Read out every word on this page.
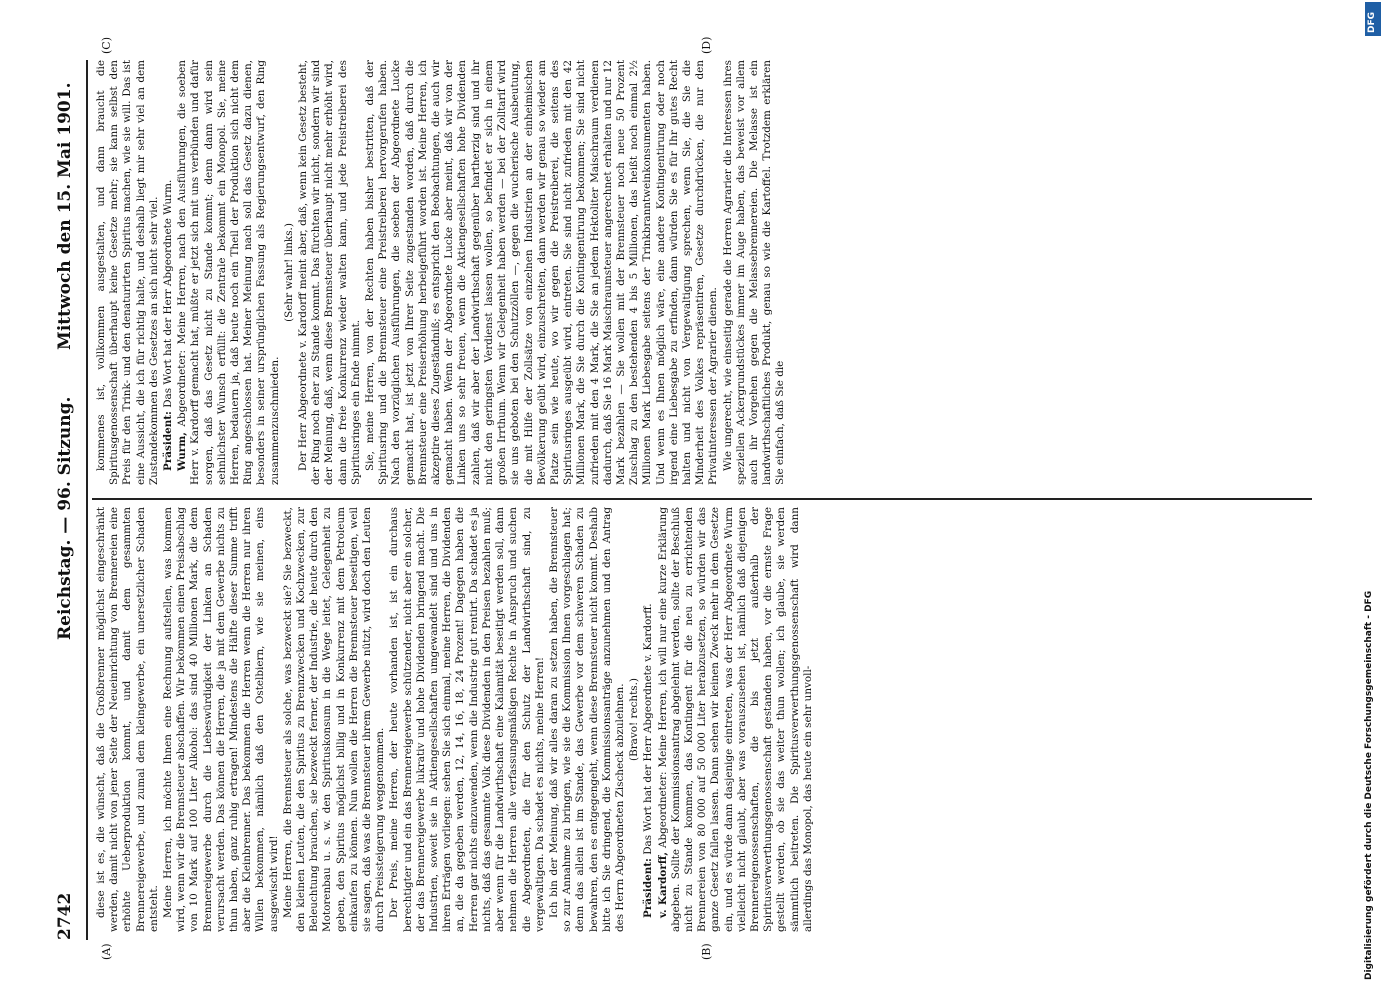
2742
Reichstag. — 96. Sitzung.
Mittwoch den 15. Mai 1901.
(A)	(B)
(C)	(D)

diese ist es, die wünscht, daß die Großbrenner möglichst eingeschränkt werden, damit nicht von jener Seite der Neueinrichtung von Brennereien eine erhöhte Ueberproduktion kommt, und damit dem gesammten Brennereigewerbe, und zumal dem kleingewerbe, ein unersetzlicher Schaden entsteht. Meine Herren, ich möchte Ihnen eine Rechnung aufstellen, was kommen wird, wenn wir die Brennsteuer abschaffen. Wir bekommen einen Preisabschlag von 10 Mark auf 100 Liter Alkohol: das sind 40 Millionen Mark, die dem Brennereigewerbe durch die Liebeswürdigkeit der Linken an Schaden verursacht werden. Das können die Herren, die ja mit dem Gewerbe nichts zu thun haben, ganz ruhig ertragen! Mindestens die Hälfte dieser Summe trifft aber die Kleinbrenner. Das bekommen die Herren wenn die Herren nur ihren Willen bekommen, nämlich daß den Ostelbiern, wie sie meinen, eins ausgewischt wird! Meine Herren, die Brennsteuer als solche, was bezweckt sie? Sie bezweckt, den kleinen Leuten, die den Spiritus zu Brennzwecken und Kochzwecken, zur Beleuchtung brauchen, sie bezweckt ferner, der Industrie, die heute durch den Motorenbau u. s. w. den Spirituskonsum in die Wege leitet, Gelegenheit zu geben, den Spiritus möglichst billig und in Konkurrenz mit dem Petroleum einkaufen zu können. Nun wollen die Herren die Brennsteuer beseitigen, weil sie sagen, daß was die Brennsteuer ihrem Gewerbe nützt, wird doch den Leuten durch Preissteigerung weggenommen. Der Preis, meine Herren, der heute vorhanden ist, ist ein durchaus berechtigter und ein das Brennereigewerbe schützender, nicht aber ein solcher, der das Brennereigewerbe lukrativ und hohe Dividenden bringend macht. Die Industrien, soweit sie in Aktiengesellschaften umgewandelt sind und uns in ihren Erträgen vorliegen: sehen Sie sich einmal, meine Herren, die Dividenden an, die da gegeben werden, 12, 14, 16, 18, 24 Prozent! Dagegen haben die Herren gar nichts einzuwenden, wenn die Industrie gut rentirt. Da schadet es ja nichts, daß das gesammte Volk diese Dividenden in den Preisen bezahlen muß; aber wenn für die Landwirthschaft eine Kalamität beseitigt werden soll, dann nehmen die Herren alle verfassungsmäßigen Rechte in Anspruch und suchen die Abgeordneten, die für den Schutz der Landwirthschaft sind, zu vergewaltigen. Da schadet es nichts, meine Herren! Ich bin der Meinung, daß wir alles daran zu setzen haben, die Brennsteuer so zur Annahme zu bringen, wie sie die Kommission Ihnen vorgeschlagen hat; denn das allein ist im Stande, das Gewerbe vor dem schweren Schaden zu bewahren, den es entgegengeht, wenn diese Brennsteuer nicht kommt. Deshalb bitte ich Sie dringend, die Kommissionsanträge anzunehmen und den Antrag des Herrn Abgeordneten Zischeck abzulehnen. (Bravo! rechts.)

Präsident: Das Wort hat der Herr Abgeordnete v. Kardorff.

v. Kardorff, Abgeordneter: Meine Herren, ich will nur eine kurze Erklärung abgeben. Sollte der Kommissionsantrag abgelehnt werden, sollte der Beschluß nicht zu Stande kommen, das Kontingent für die neu zu errichtenden Brennereien von 80 000 auf 50 000 Liter herabzusetzen, so würden wir das ganze Gesetz fallen lassen. Dann sehen wir keinen Zweck mehr in dem Gesetze ein, und es würde dann dasjenige eintreten, was der Herr Abgeordnete Wurm vielleicht nicht glaubt, aber was vorauszusehen ist, nämlich daß diejenigen Brennereigenossenschaften, die bis jetzt außerhalb der Spiritusverwerthungsgenossenschaft gestanden haben, vor die ernste Frage gestellt werden, ob sie das weiter thun wollen; ich glaube, sie werden sämmtlich beitreten. Die Spiritusverwerthungsgenossenschaft wird dann allerdings das Monopol, das heute ein sehr unvoll-

kommenes ist, vollkommen ausgestalten, und dann braucht die Spiritusgenossenschaft überhaupt keine Gesetze mehr; sie kann selbst den Preis für den Trink- und den denaturirten Spiritus machen, wie sie will. Das ist eine Aussicht, die ich für richtig halte, und deshalb liegt mir sehr viel an dem Zustandekommen des Gesetzes an sich nicht sehr viel. Präsident: Das Wort hat der Herr Abgeordnete Wurm.

Wurm, Abgeordneter: Meine Herren, nach den Ausführungen, die soeben Herr v. Kardorff gemacht hat, müßte er jetzt sich mit uns verbünden und dafür sorgen, daß das Gesetz nicht zu Stande kommt; denn dann wird sein sehnlichster Wunsch erfüllt: die Zentrale bekommt ein Monopol. Sie, meine Herren, bedauern ja, daß heute noch ein Theil der Produktion sich nicht dem Ring angeschlossen hat. Meiner Meinung nach soll das Gesetz dazu dienen, besonders in seiner ursprünglichen Fassung als Regierungsentwurf, den Ring zusammenzuschmieden.

(Sehr wahr! links.) Der Herr Abgeordnete v. Kardorff meint aber, daß, wenn kein Gesetz besteht, der Ring noch eher zu Stande kommt. Das fürchten wir nicht, sondern wir sind der Meinung, daß, wenn diese Brennsteuer überhaupt nicht mehr erhöht wird, dann die freie Konkurrenz wieder walten kann, und jede Preistreiberei des Spiritusringes ein Ende nimmt. Sie, meine Herren, von der Rechten haben bisher bestritten, daß der Spiritusring und die Brennsteuer eine Preistreiberei hervorgerufen haben. Nach den vorzüglichen Ausführungen, die soeben der Abgeordnete Lucke gemacht hat, ist jetzt von Ihrer Seite zugestanden worden, daß durch die Brennsteuer eine Preiserhöhung herbeigeführt worden ist. Meine Herren, ich akzeptire dieses Zugeständniß; es entspricht den Beobachtungen, die auch wir gemacht haben. Wenn der Abgeordnete Lucke aber meint, daß wir von der Linken uns so sehr freuen, wenn die Aktiengesellschaften hohe Dividenden zahlen, daß wir aber der Landwirthschaft gegenüber hartherzig sind und ihr nicht den geringsten Verdienst lassen wollen, so befindet er sich in einem großen Irrthum. Wenn wir Gelegenheit haben werden — bei der Zolltarif wird sie uns geboten bei den Schutzzöllen —, gegen die wucherische Ausbeutung, die mit Hilfe der Zollsätze von einzelnen Industrien an der einheimischen Bevölkerung geübt wird, einzuschreiten, dann werden wir genau so wieder am Platze sein wie heute, wo wir gegen die Preistreiberei, die seitens des Spiritusringes ausgeübt wird, eintreten. Sie sind nicht zufrieden mit den 42 Millionen Mark, die Sie durch die Kontingentirung bekommen; Sie sind nicht zufrieden mit den 4 Mark, die Sie an jedem Hektoliter Maischraum verdienen dadurch, daß Sie 16 Mark Maischraumsteuer angerechnet erhalten und nur 12 Mark bezahlen — Sie wollen mit der Brennsteuer noch neue 50 Prozent Zuschlag zu den bestehenden 4 bis 5 Millionen, das heißt noch einmal 2½ Millionen Mark Liebesgabe seitens der Trinkbranntweinkonsumenten haben. Und wenn es Ihnen möglich wäre, eine andere Kontingentirung oder noch irgend eine Liebesgabe zu erfinden, dann würden Sie es für Ihr gutes Recht halten und nicht von Vergewaltigung sprechen, wenn Sie, die Sie die Minderheit des Volkes repräsentiren, Gesetze durchdrücken, die nur den Privatinteressen der Agrarier dienen. Wie ungerecht, wie einseitig gerade die Herren Agrarier die Interessen ihres speziellen Ackergrundstückes immer im Auge haben, das beweist vor allem auch ihr Vorgehen gegen die Melassebrennereien. Die Melasse ist ein landwirthschaftliches Produkt, genau so wie die Kartoffel. Trotzdem erklären Sie einfach, daß Sie die

Digitalisierung gefördert durch die Deutsche Forschungsgemeinschaft - DFG
DFG
